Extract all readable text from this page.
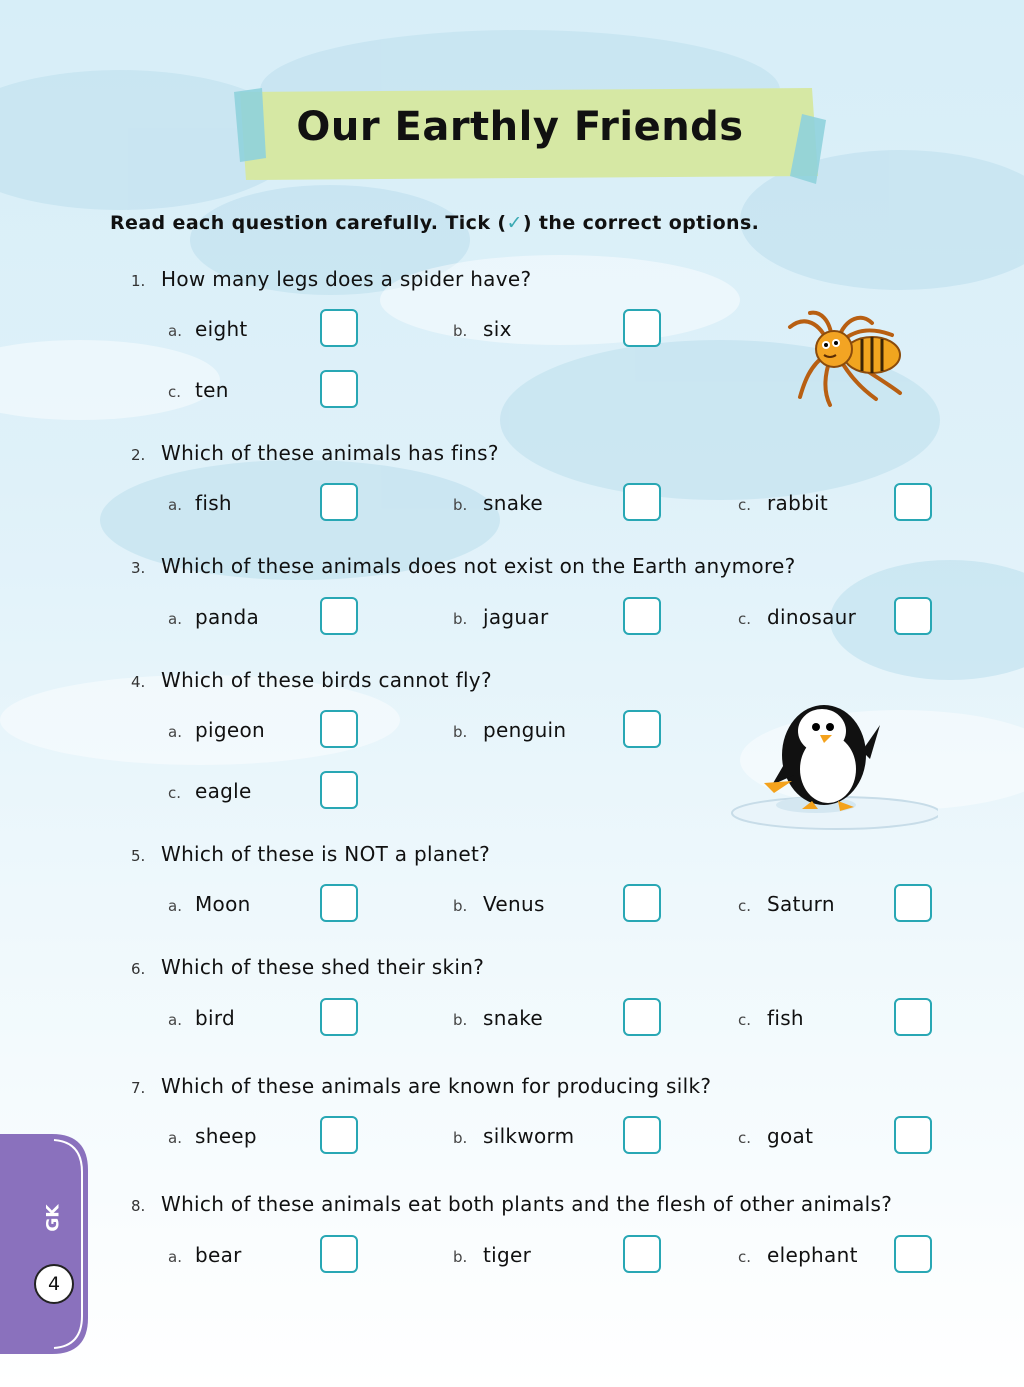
Our Earthly Friends
Read each question carefully. Tick (✓) the correct options.
1. How many legs does a spider have?
a. eight	b. six
c. ten
2. Which of these animals has fins?
a. fish	b. snake	c. rabbit
3. Which of these animals does not exist on the Earth anymore?
a. panda	b. jaguar	c. dinosaur
4. Which of these birds cannot fly?
a. pigeon	b. penguin
c. eagle
5. Which of these is NOT a planet?
a. Moon	b. Venus	c. Saturn
6. Which of these shed their skin?
a. bird	b. snake	c. fish
7. Which of these animals are known for producing silk?
a. sheep	b. silkworm	c. goat
8. Which of these animals eat both plants and the flesh of other animals?
a. bear	b. tiger	c. elephant
GK
4
